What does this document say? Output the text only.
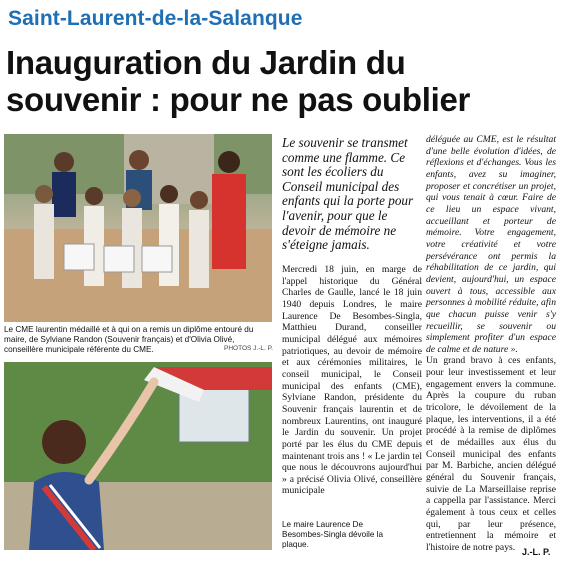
Saint-Laurent-de-la-Salanque
Inauguration du Jardin du
souvenir : pour ne pas oublier
Le CME laurentin médaillé et à qui on a remis un diplôme entouré du maire, de Sylviane Randon (Souvenir français) et d'Olivia Olivé, conseillère municipale référente du CME.	PHOTOS J.-L. P.
Le maire Laurence De Besombes-Singla dévoile la plaque.
Le souvenir se transmet comme une flamme. Ce sont les écoliers du Conseil municipal des enfants qui la porte pour l'avenir, pour que le devoir de mémoire ne s'éteigne jamais.
Mercredi 18 juin, en marge de l'appel historique du Général Charles de Gaulle, lancé le 18 juin 1940 depuis Londres, le maire Laurence De Besombes-Singla, Matthieu Durand, conseiller municipal délégué aux mémoires patriotiques, au devoir de mémoire et aux cérémonies militaires, le conseil municipal, le Conseil municipal des enfants (CME), Sylviane Randon, présidente du Souvenir français laurentin et de nombreux Laurentins, ont inauguré le Jardin du souvenir. Un projet porté par les élus du CME depuis maintenant trois ans ! « Le jardin tel que nous le découvrons aujourd'hui » a précisé Olivia Olivé, conseillère municipale

déléguée au CME, est le résultat d'une belle évolution d'idées, de réflexions et d'échanges. Vous les enfants, avez su imaginer, proposer et concrétiser un projet, qui vous tenait à cœur. Faire de ce lieu un espace vivant, accueillant et porteur de mémoire. Votre engagement, votre créativité et votre persévérance ont permis la réhabilitation de ce jardin, qui devient, aujourd'hui, un espace ouvert à tous, accessible aux personnes à mobilité réduite, afin que chacun puisse venir s'y recueillir, se souvenir ou simplement profiter d'un espace de calme et de nature ».

Un grand bravo à ces enfants, pour leur investissement et leur engagement envers la commune. Après la coupure du ruban tricolore, le dévoilement de la plaque, les interventions, il a été procédé à la remise de diplômes et de médailles aux élus du Conseil municipal des enfants par M. Barbiche, ancien délégué général du Souvenir français, suivie de La Marseillaise reprise a cappella par l'assistance. Merci également à tous ceux et celles qui, par leur présence, entretiennent la mémoire et l'histoire de notre pays. J.-L. P.
